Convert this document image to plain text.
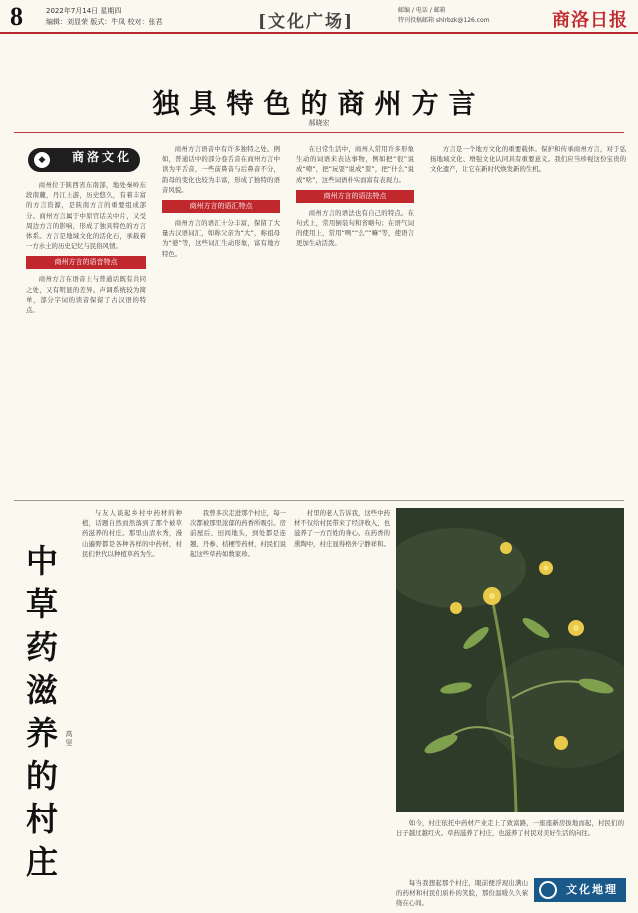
8	2022年7月14日 星期四
编辑：刘显荣 版式：牛凤 校对：张君	[文化广场]
邮编 / 电话 / 邮箱
特刊投稿邮箱 shlrbzk@126.com	商洛日报
独具特色的商州方言
郝晓宏
◆	商洛文化

商州位于陕西省东南部，地处秦岭东段南麓，丹江上游，历史悠久，有着丰富的方言资源，是陕南方言的重要组成部分。商州方言属于中原官话关中片，又受周边方言的影响，形成了独具特色的方言体系。方言是地域文化的活化石，承载着一方水土的历史记忆与民俗风情。

商州方言的语音特点

商州方言在语音上与普通话既有共同之处，又有明显的差异。声调系统较为简单，部分字词的读音保留了古汉语的特点。

商州方言语音中有许多独特之处。例如，普通话中的部分卷舌音在商州方言中读为平舌音，一些前鼻音与后鼻音不分，韵母的变化也较为丰富，形成了独特的语音风貌。

商州方言的语汇特点

商州方言的语汇十分丰富，保留了大量古汉语词汇，如称父亲为“大”，称祖母为“婆”等，这些词汇生动形象，富有地方特色。

在日常生活中，商州人常用许多形象生动的词语来表达事物，例如把“很”说成“嘹”，把“玩耍”说成“耍”，把“什么”说成“啥”，这些词语朴实而富有表现力。

商州方言的语法特点

商州方言的语法也有自己的特点。在句式上，常用倒装句和省略句；在语气词的使用上，常用“咧”“么”“嘛”等，使语言更加生动活泼。

方言是一个地方文化的重要载体。保护和传承商州方言，对于弘扬地域文化、增强文化认同具有重要意义。我们应当珍视这份宝贵的文化遗产，让它在新时代焕发新的生机。

中
草
药
滋
养
的
村
庄
高 坚

与友人谈起乡村中药材的种植，话题自然而然落到了那个被草药滋养的村庄。那里山清水秀，漫山遍野都是各种各样的中药材，村民们世代以种植草药为生。

我曾多次走进那个村庄，每一次都被那里浓郁的药香所吸引。房前屋后、田间地头，到处都是连翘、丹参、桔梗等药材，村民们说起这些草药如数家珍。

村里的老人告诉我，这些中药材不仅给村民带来了经济收入，也滋养了一方百姓的身心。在药香的熏陶中，村庄显得格外宁静祥和。

如今，村庄依托中药材产业走上了致富路，一座座新房拔地而起，村民们的日子越过越红火。草药滋养了村庄，也滋养了村民对美好生活的向往。

每当我想起那个村庄，眼前便浮现出满山的药材和村民们质朴的笑脸，那份温暖久久萦绕在心间。

文化地理
